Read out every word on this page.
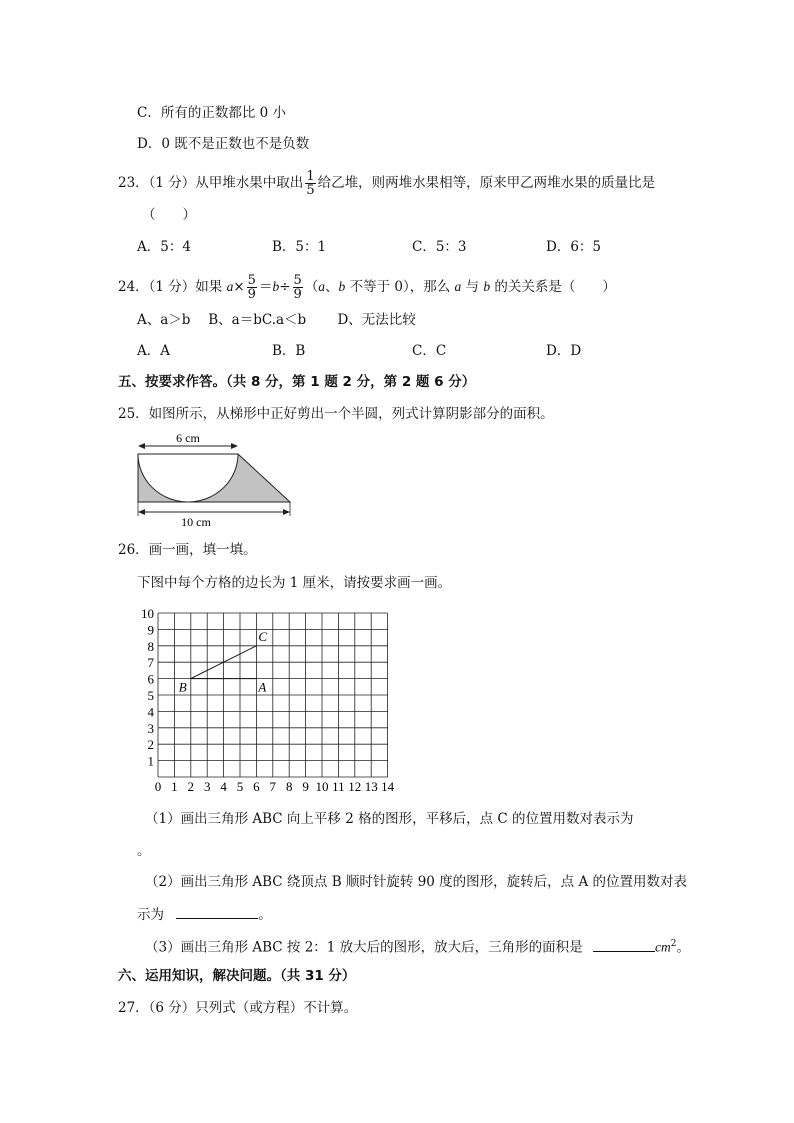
C．所有的正数都比 0 小
D．0 既不是正数也不是负数
23．（1 分）从甲堆水果中取出 $\frac{1}{5}$ 给乙堆，则两堆水果相等，原来甲乙两堆水果的质量比是
（　　）
A．5：4	B．5：1	C．5：3	D．6：5
24．（1 分）如果 $a\times \frac{5}{9} =b\div \frac{5}{9} (a$、b 不等于 0），那么 a 与 b 的关关系是（　　）
A、a＞b　 B、a＝bC.a＜b　　 D、无法比较
A．A	B．B	C．C	D．D
五、按要求作答。（共 8 分，第 1 题 2 分，第 2 题 6 分）
25．如图所示，从梯形中正好剪出一个半圆，列式计算阴影部分的面积。
6 cm
10 cm
26．画一画，填一填。
下图中每个方格的边长为 1 厘米，请按要求画一画。
0 1 2 3 4 5 6 7 8 9 10 11 12 13 14
1
2
3
4
5
6
7
8
9
10
B	A
C
（1）画出三角形 ABC 向上平移 2 格的图形，平移后，点 C 的位置用数对表示为
。
（2）画出三角形 ABC 绕顶点 B 顺时针旋转 90 度的图形，旋转后，点 A 的位置用数对表
示为	。
（3）画出三角形 ABC 按 2：1 放大后的图形，放大后，三角形的面积是	$cm^2$。
六、运用知识，解决问题。（共 31 分）
27．（6 分）只列式（或方程）不计算。
